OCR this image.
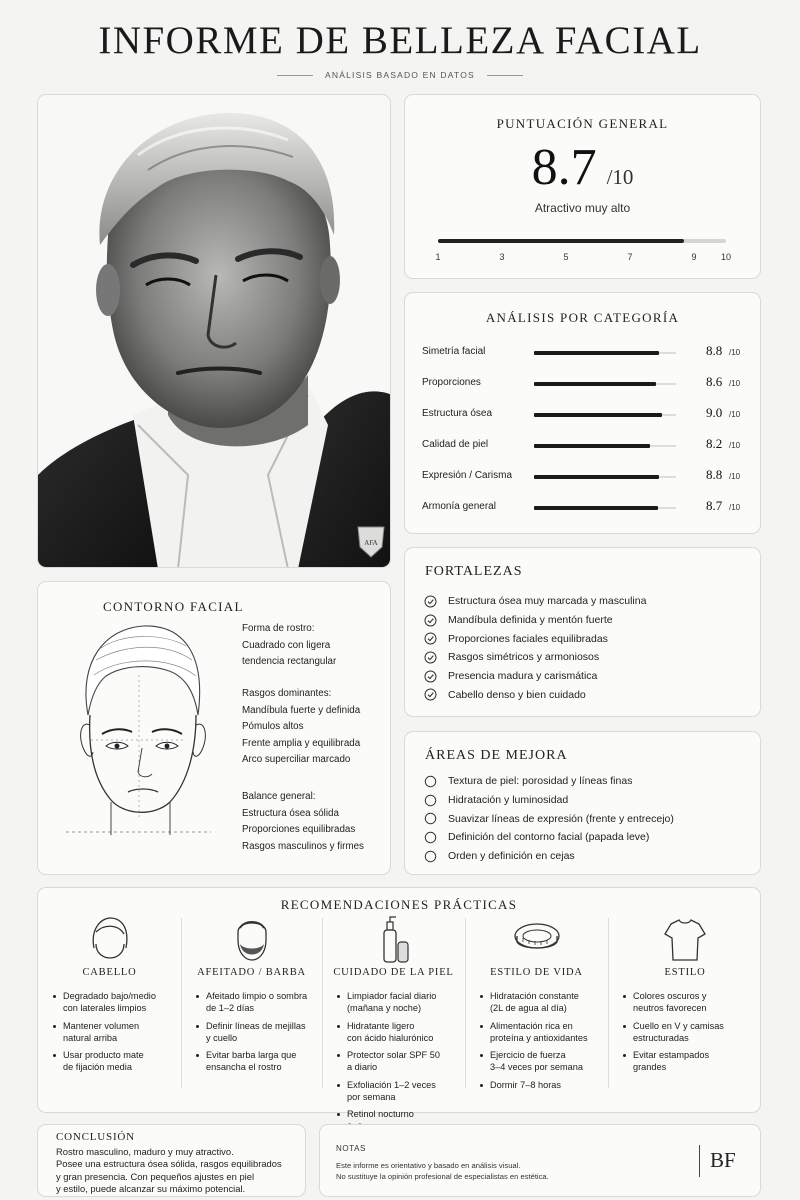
INFORME DE BELLEZA FACIAL
ANÁLISIS BASADO EN DATOS
AFA
PUNTUACIÓN GENERAL
8.7 /10
Atractivo muy alto
1	3	5	7	9	10
ANÁLISIS POR CATEGORÍA
Simetría facial	8.8 /10
Proporciones	8.6 /10
Estructura ósea	9.0 /10
Calidad de piel	8.2 /10
Expresión / Carisma	8.8 /10
Armonía general	8.7 /10
CONTORNO FACIAL
Forma de rostro:
Cuadrado con ligera
tendencia rectangular
Rasgos dominantes:
Mandíbula fuerte y definida
Pómulos altos
Frente amplia y equilibrada
Arco superciliar marcado
Balance general:
Estructura ósea sólida
Proporciones equilibradas
Rasgos masculinos y firmes
FORTALEZAS
Estructura ósea muy marcada y masculina
Mandíbula definida y mentón fuerte
Proporciones faciales equilibradas
Rasgos simétricos y armoniosos
Presencia madura y carismática
Cabello denso y bien cuidado
ÁREAS DE MEJORA
Textura de piel: porosidad y líneas finas
Hidratación y luminosidad
Suavizar líneas de expresión (frente y entrecejo)
Definición del contorno facial (papada leve)
Orden y definición en cejas
RECOMENDACIONES PRÁCTICAS
CABELLO
Degradado bajo/medio
con laterales limpios
Mantener volumen
natural arriba
Usar producto mate
de fijación media
AFEITADO / BARBA
Afeitado limpio o sombra
de 1–2 días
Definir líneas de mejillas
y cuello
Evitar barba larga que
ensancha el rostro
CUIDADO DE LA PIEL
Limpiador facial diario
(mañana y noche)
Hidratante ligero
con ácido hialurónico
Protector solar SPF 50
a diario
Exfoliación 1–2 veces
por semana
Retinol nocturno
ESTILO DE VIDA
Hidratación constante
(2L de agua al día)
Alimentación rica en
proteína y antioxidantes
Ejercicio de fuerza
3–4 veces por semana
Dormir 7–8 horas
ESTILO
Colores oscuros y
neutros favorecen
Cuello en V y camisas
estructuradas
Evitar estampados
grandes
CONCLUSIÓN
Rostro masculino, maduro y muy atractivo.
Posee una estructura ósea sólida, rasgos equilibrados
y gran presencia. Con pequeños ajustes en piel
y estilo, puede alcanzar su máximo potencial.
NOTAS
Este informe es orientativo y basado en análisis visual.
No sustituye la opinión profesional de especialistas en estética.
BF
